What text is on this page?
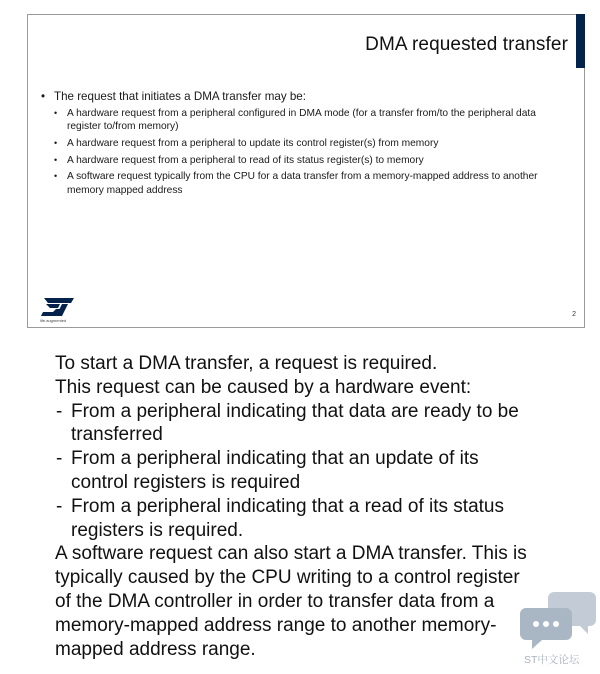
DMA requested transfer
• The request that initiates a DMA transfer may be:
• A hardware request from a peripheral configured in DMA mode (for a transfer from/to the peripheral data register to/from memory)
• A hardware request from a peripheral to update its control register(s) from memory
• A hardware request from a peripheral to read of its status register(s) to memory
• A software request typically from the CPU for a data transfer from a memory-mapped address to another memory mapped address
life.augmented
2
To start a DMA transfer, a request is required.
This request can be caused by a hardware event:
- From a peripheral indicating that data are ready to be
transferred
- From a peripheral indicating that an update of its
control registers is required
- From a peripheral indicating that a read of its status
registers is required.
A software request can also start a DMA transfer. This is
typically caused by the CPU writing to a control register
of the DMA controller in order to transfer data from a
memory-mapped address range to another memory-
mapped address range.
ST中文论坛
